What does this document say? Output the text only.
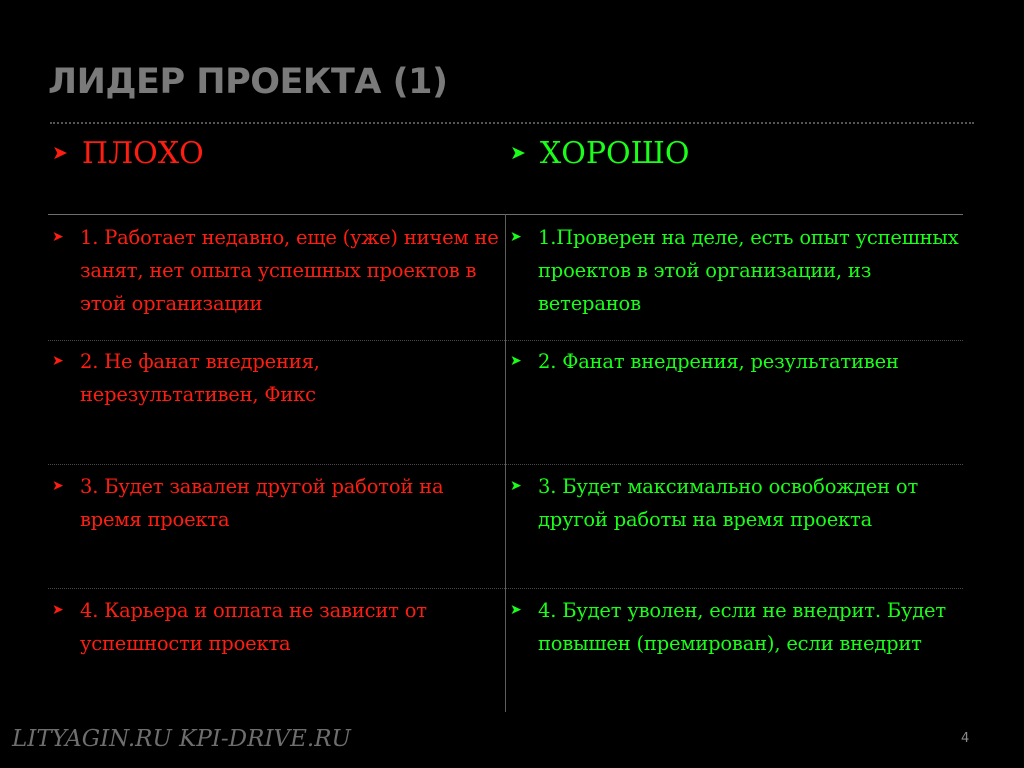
ЛИДЕР ПРОЕКТА (1)
➤ ПЛОХО	➤ ХОРОШО
➤ 1. Работает недавно, еще (уже) ничем не занят, нет опыта успешных проектов в этой организации
➤ 1.Проверен на деле, есть опыт успешных проектов в этой организации, из ветеранов
➤ 2. Не фанат внедрения, нерезультативен, Фикс
➤ 2. Фанат внедрения, результативен
➤ 3. Будет завален другой работой на время проекта
➤ 3. Будет максимально освобожден от другой работы на время проекта
➤ 4. Карьера и оплата не зависит от успешности проекта
➤ 4. Будет уволен, если не внедрит. Будет повышен (премирован), если внедрит
LITYAGIN.RU KPI-DRIVE.RU	4
